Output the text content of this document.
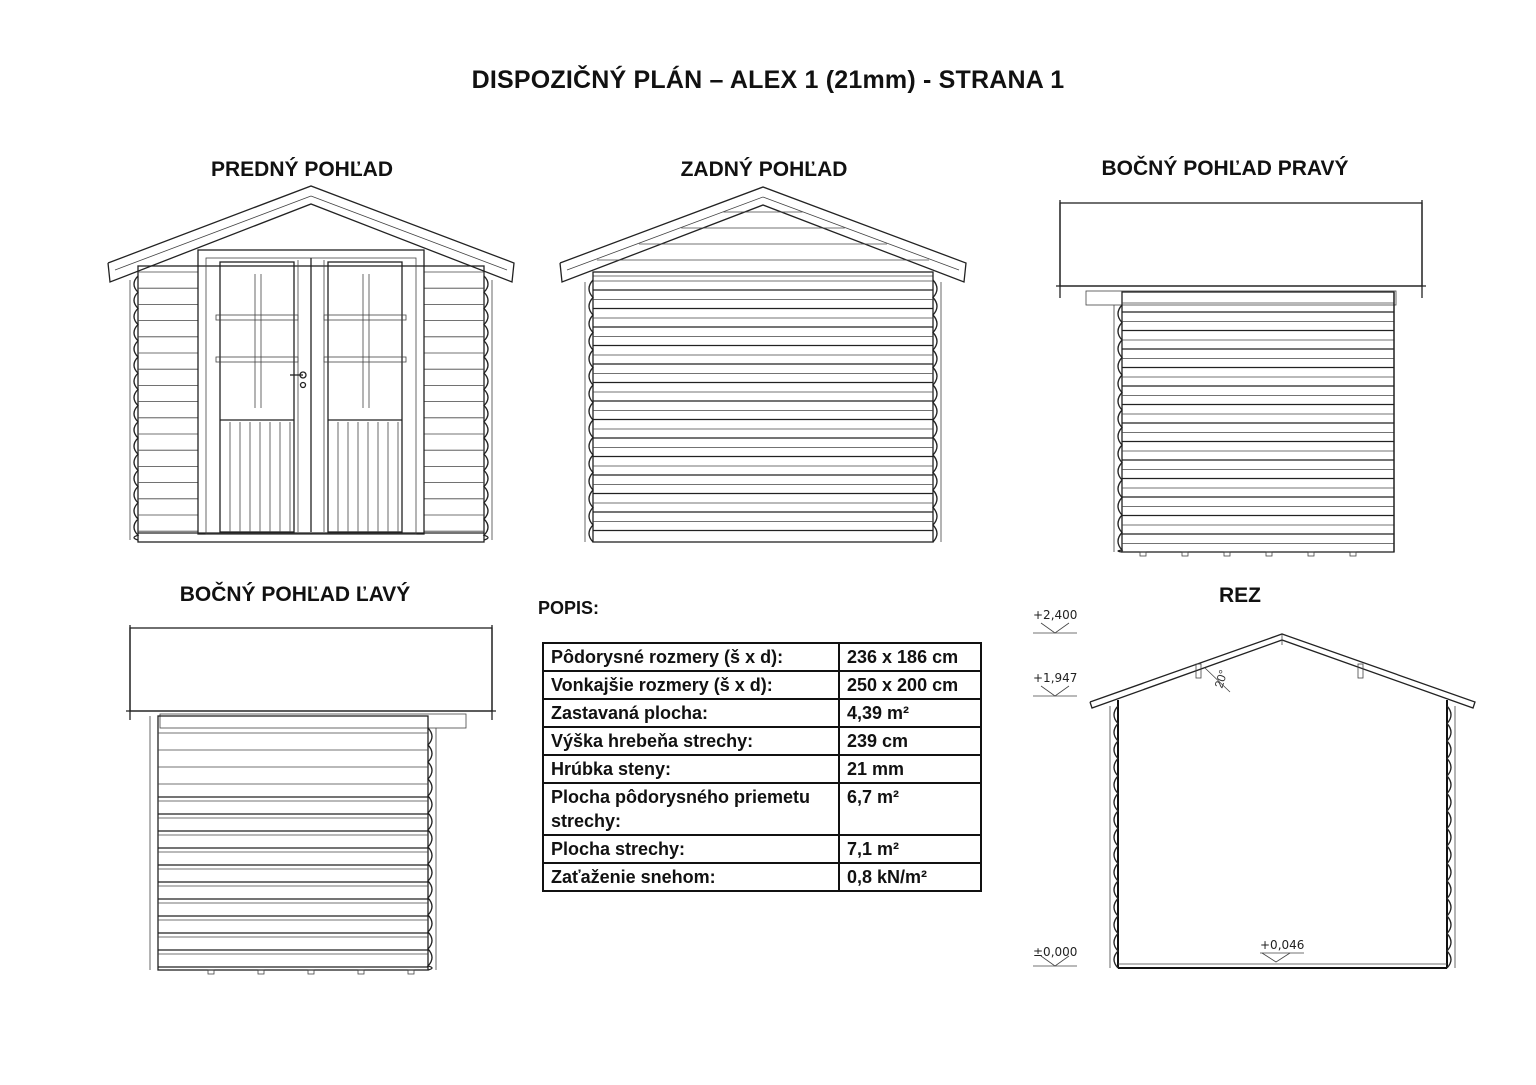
DISPOZIČNÝ PLÁN – ALEX 1 (21mm) - STRANA 1
PREDNÝ POHĽAD	ZADNÝ POHĽAD	BOČNÝ POHĽAD PRAVÝ
BOČNÝ POHĽAD ĽAVÝ	REZ
POPIS:
Pôdorysné rozmery (š x d):	236 x 186 cm
Vonkajšie rozmery (š x d):	250 x 200 cm
Zastavaná plocha:	4,39 m²
Výška hrebeňa strechy:	239 cm
Hrúbka steny:	21 mm
Plocha pôdorysného priemetu strechy:	6,7 m²
Plocha strechy:	7,1 m²
Zaťaženie snehom:	0,8 kN/m²
+2,400
+1,947
±0,000	+0,046
20°
